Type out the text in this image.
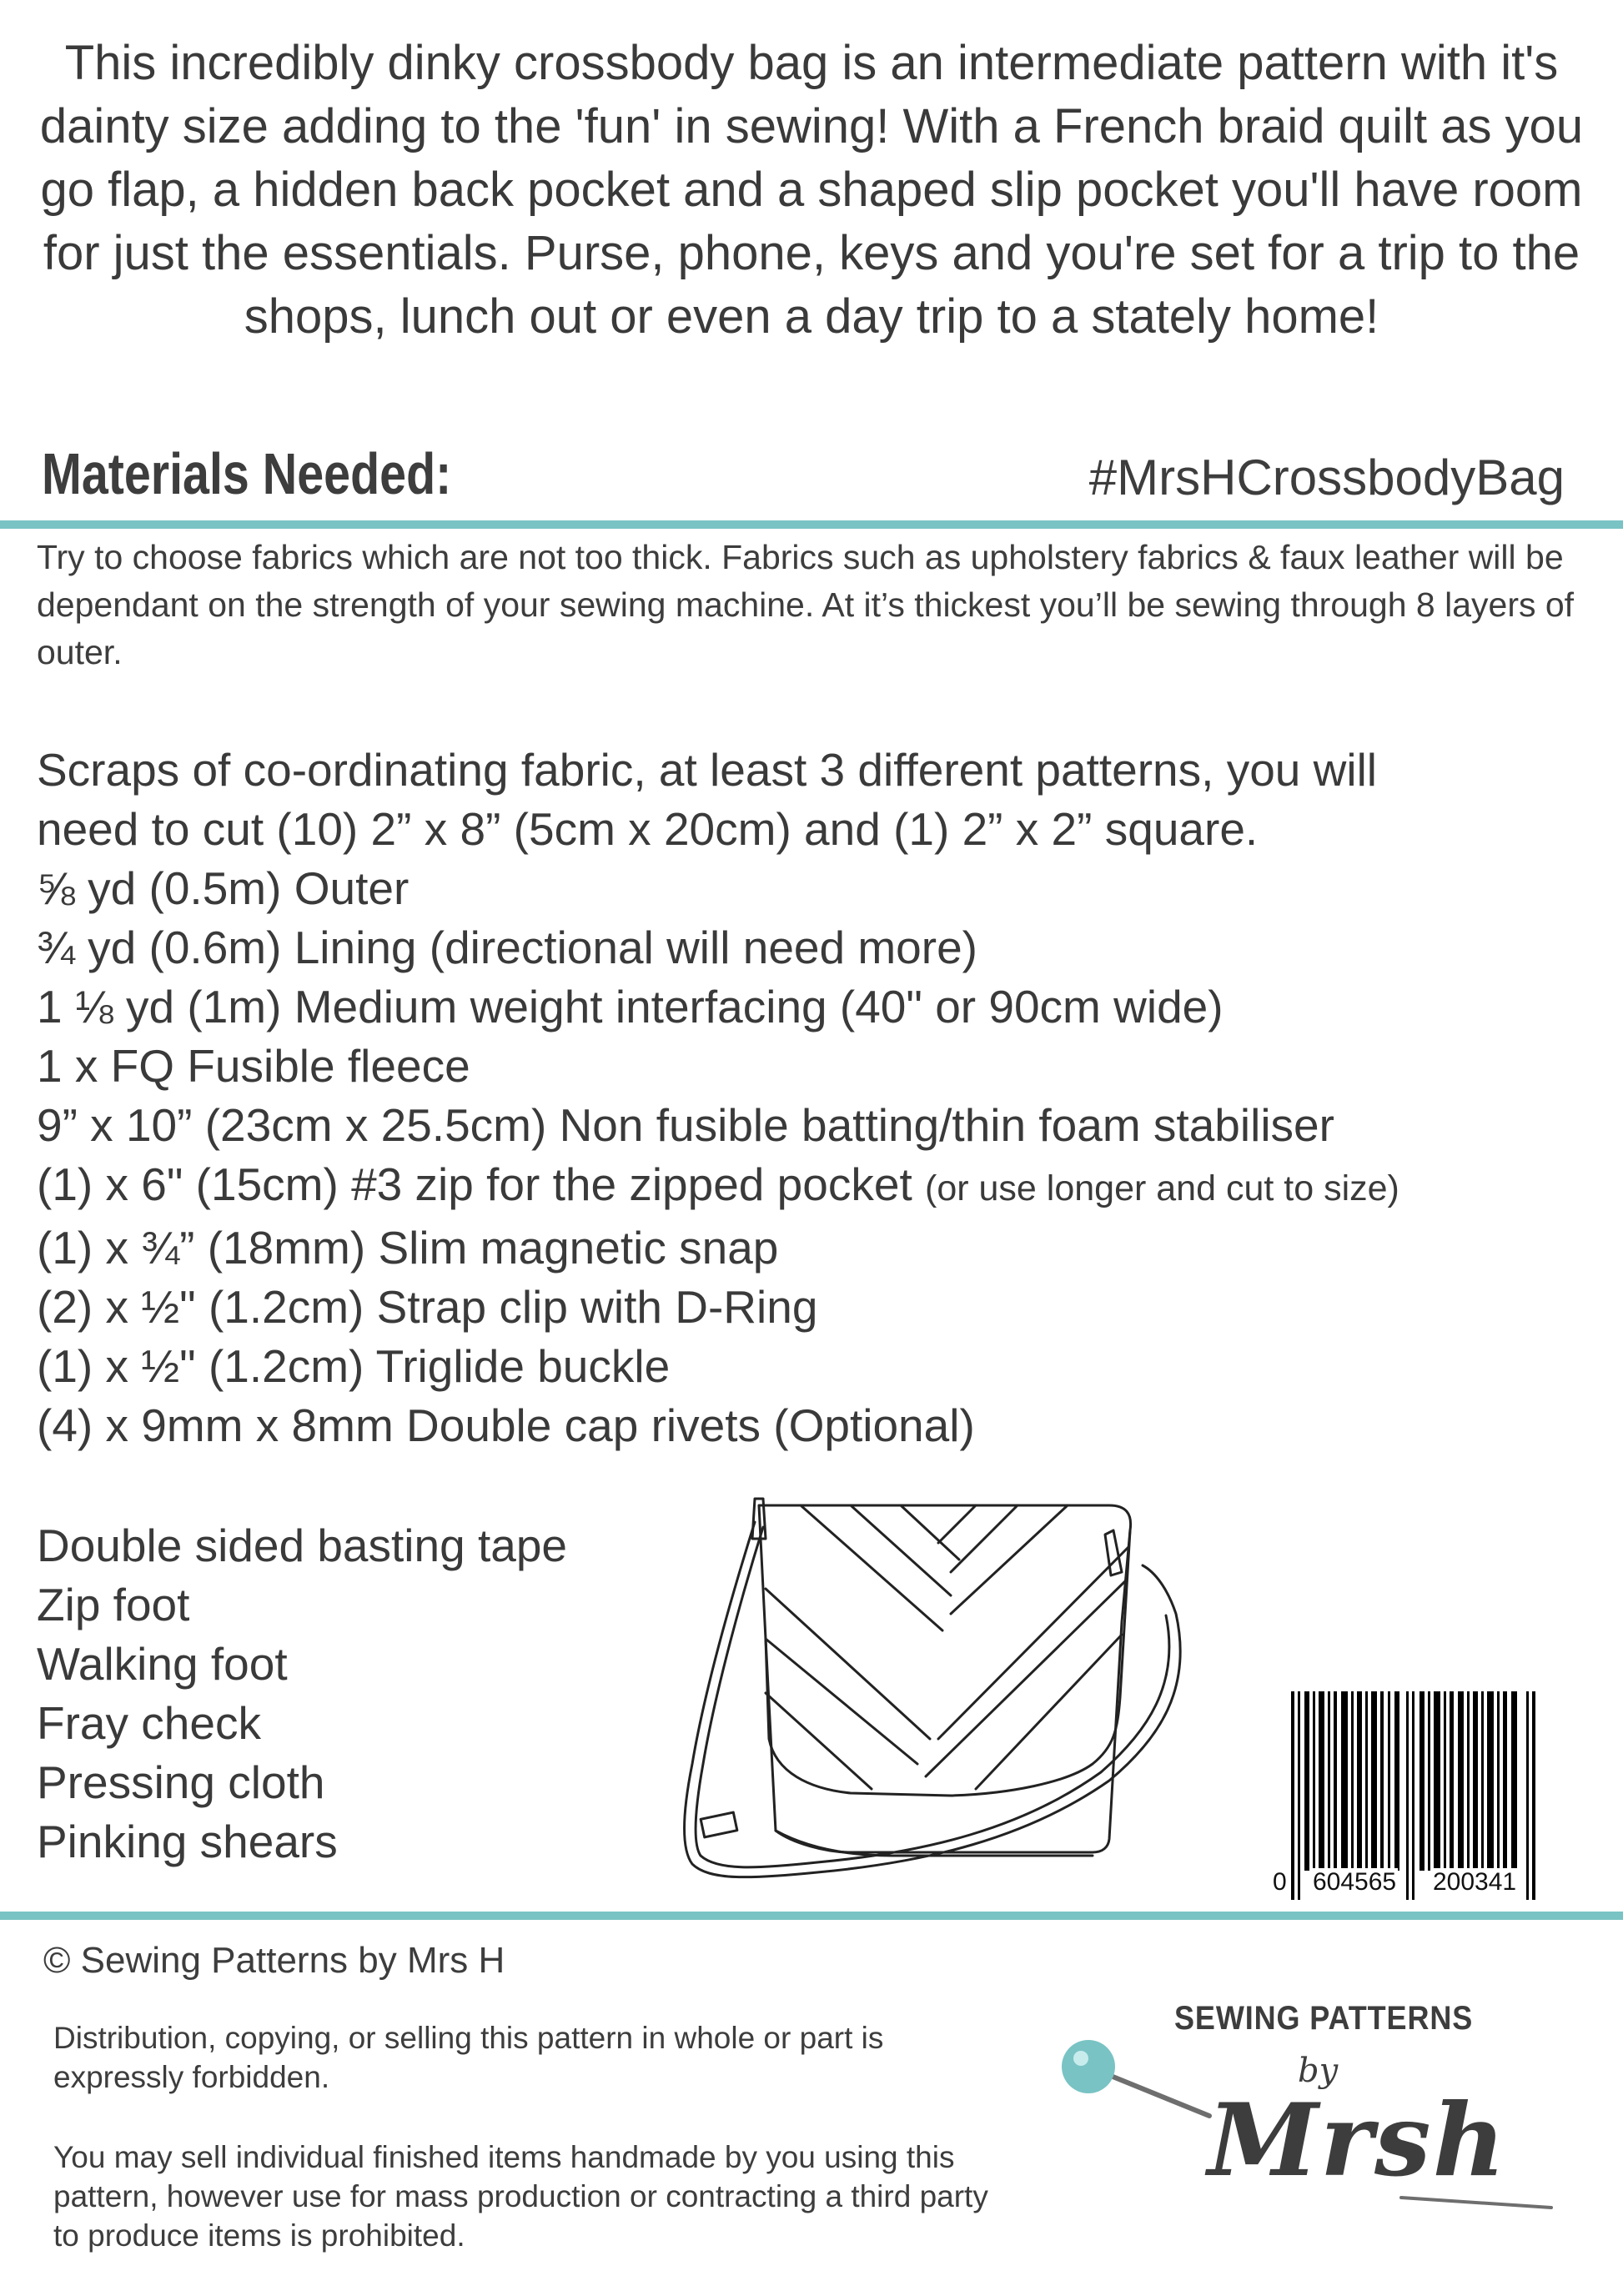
This incredibly dinky crossbody bag is an intermediate pattern with it's dainty size adding to the 'fun' in sewing! With a French braid quilt as you go flap, a hidden back pocket and a shaped slip pocket you'll have room for just the essentials. Purse, phone, keys and you're set for a trip to the shops, lunch out or even a day trip to a stately home!
Materials Needed:	#MrsHCrossbodyBag
Try to choose fabrics which are not too thick. Fabrics such as upholstery fabrics & faux leather will be dependant on the strength of your sewing machine. At it’s thickest you’ll be sewing through 8 layers of outer.
Scraps of co-ordinating fabric, at least 3 different patterns, you will
need to cut (10) 2” x 8” (5cm x 20cm) and (1) 2” x 2” square.
⅝ yd (0.5m) Outer
¾ yd (0.6m) Lining (directional will need more)
1 ⅛ yd (1m) Medium weight interfacing (40" or 90cm wide)
1 x FQ Fusible fleece
9” x 10” (23cm x 25.5cm) Non fusible batting/thin foam stabiliser
(1) x 6" (15cm) #3 zip for the zipped pocket (or use longer and cut to size)
(1) x ¾” (18mm) Slim magnetic snap
(2) x ½" (1.2cm) Strap clip with D-Ring
(1) x ½" (1.2cm) Triglide buckle
(4) x 9mm x 8mm Double cap rivets (Optional)
Double sided basting tape
Zip foot
Walking foot
Fray check
Pressing cloth
Pinking shears
0 604565 200341
© Sewing Patterns by Mrs H
Distribution, copying, or selling this pattern in whole or part is expressly forbidden.
You may sell individual finished items handmade by you using this pattern, however use for mass production or contracting a third party to produce items is prohibited.
SEWING PATTERNS
by
Mrsh
